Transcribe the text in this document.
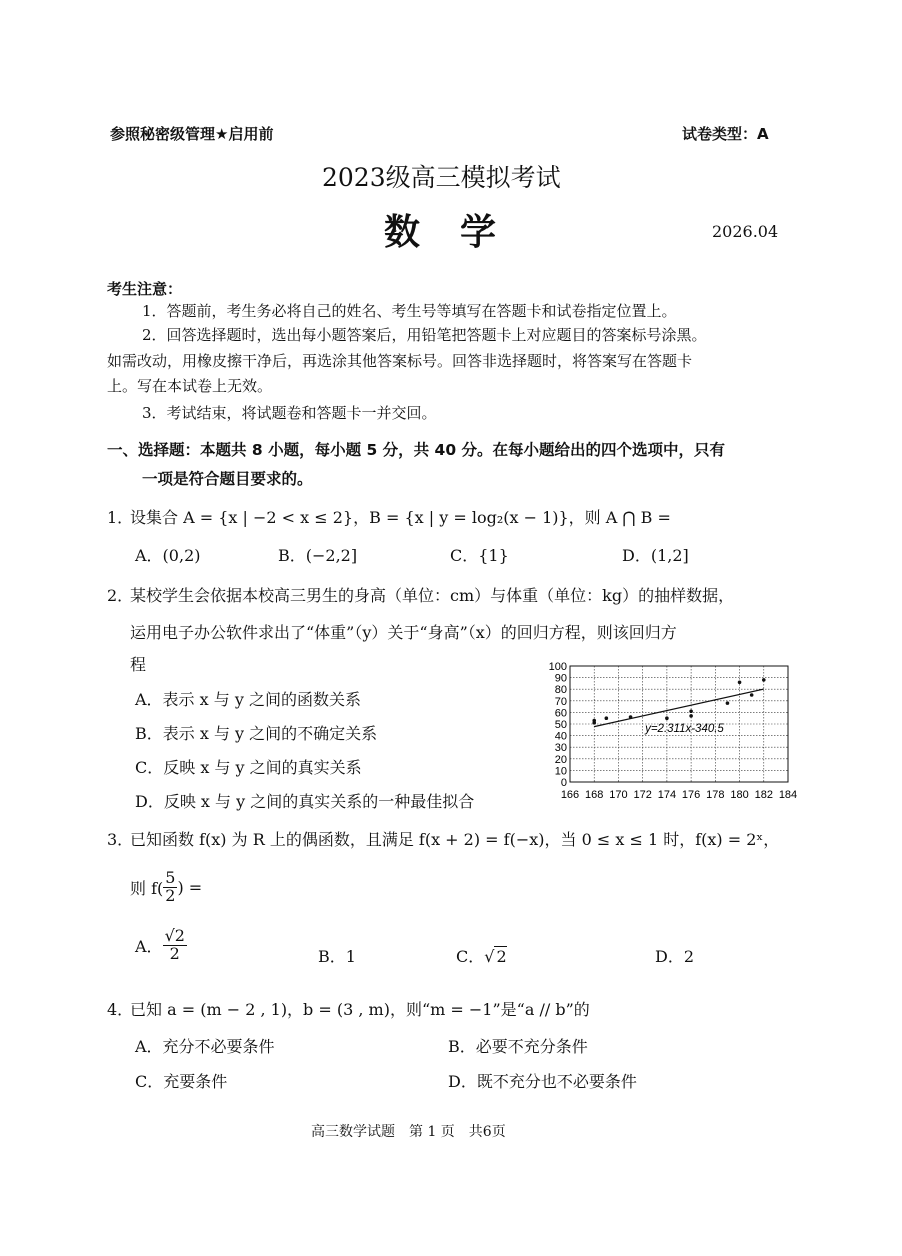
参照秘密级管理★启用前	试卷类型：A
2023级高三模拟考试
数　学	2026.04
考生注意：
1．答题前，考生务必将自己的姓名、考生号等填写在答题卡和试卷指定位置上。
2．回答选择题时，选出每小题答案后，用铅笔把答题卡上对应题目的答案标号涂黑。
如需改动，用橡皮擦干净后，再选涂其他答案标号。回答非选择题时，将答案写在答题卡
上。写在本试卷上无效。
3．考试结束，将试题卷和答题卡一并交回。
一、选择题：本题共 8 小题，每小题 5 分，共 40 分。在每小题给出的四个选项中，只有
一项是符合题目要求的。
1．
设集合 A = {x | −2 < x ≤ 2}，B = {x | y = log₂(x − 1)}，则 A ⋂ B =
A．(0,2)	B．(−2,2]	C．{1}	D．(1,2]
2．
某校学生会依据本校高三男生的身高（单位：cm）与体重（单位：kg）的抽样数据，
运用电子办公软件求出了“体重”（y）关于“身高”（x）的回归方程，则该回归方
程
A．表示 x 与 y 之间的函数关系
B．表示 x 与 y 之间的不确定关系
C．反映 x 与 y 之间的真实关系
D．反映 x 与 y 之间的真实关系的一种最佳拟合
100
90
80
70
60
50
40
30
20
10
0
166 168 170 172 174 176 178 180 182 184
y=2.311x-340.5
3．
已知函数 f(x) 为 R 上的偶函数，且满足 f(x + 2) = f(−x)，当 0 ≤ x ≤ 1 时，f(x) = 2ˣ，
则 $f( \frac{5}{2}$ ) =
A． $\frac{√2}{2}$	B．1	C．√ 2	D．2
4．
已知 a = (m − 2 , 1)，b = (3 , m)，则“m = −1”是“a // b”的
A．充分不必要条件	B．必要不充分条件
C．充要条件	D．既不充分也不必要条件
高三数学试题　第 1 页　共6页
